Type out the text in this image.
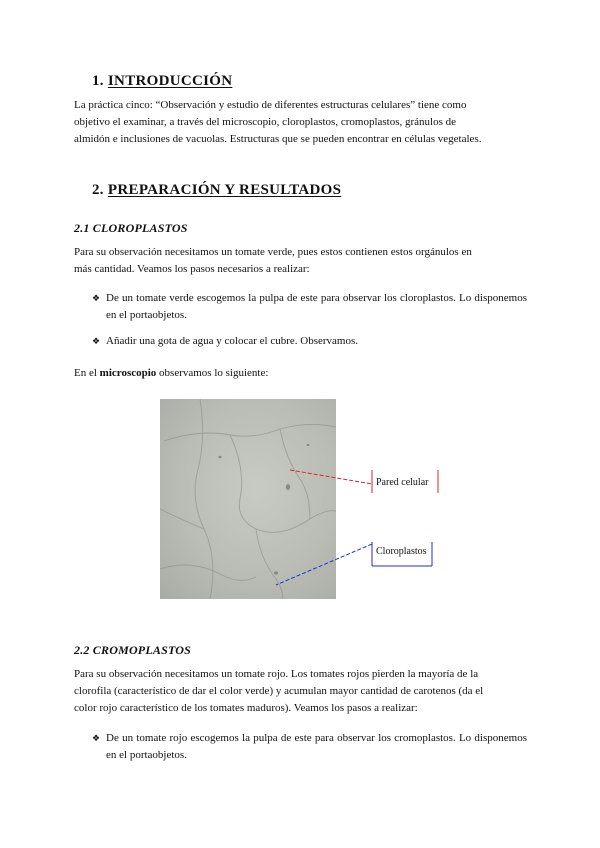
1. INTRODUCCIÓN
La práctica cinco: “Observación y estudio de diferentes estructuras celulares” tiene como
objetivo el examinar, a través del microscopio, cloroplastos, cromoplastos, gránulos de
almidón e inclusiones de vacuolas. Estructuras que se pueden encontrar en células vegetales.
2. PREPARACIÓN Y RESULTADOS
2.1 CLOROPLASTOS
Para su observación necesitamos un tomate verde, pues estos contienen estos orgánulos en
más cantidad. Veamos los pasos necesarios a realizar:
❖ De un tomate verde escogemos la pulpa de este para observar los cloroplastos. Lo disponemos en el portaobjetos.
❖ Añadir una gota de agua y colocar el cubre. Observamos.
En el microscopio observamos lo siguiente:
Pared celular
Cloroplastos
2.2 CROMOPLASTOS
Para su observación necesitamos un tomate rojo. Los tomates rojos pierden la mayoría de la
clorofila (característico de dar el color verde) y acumulan mayor cantidad de carotenos (da el
color rojo característico de los tomates maduros). Veamos los pasos a realizar:
❖ De un tomate rojo escogemos la pulpa de este para observar los cromoplastos. Lo disponemos en el portaobjetos.
